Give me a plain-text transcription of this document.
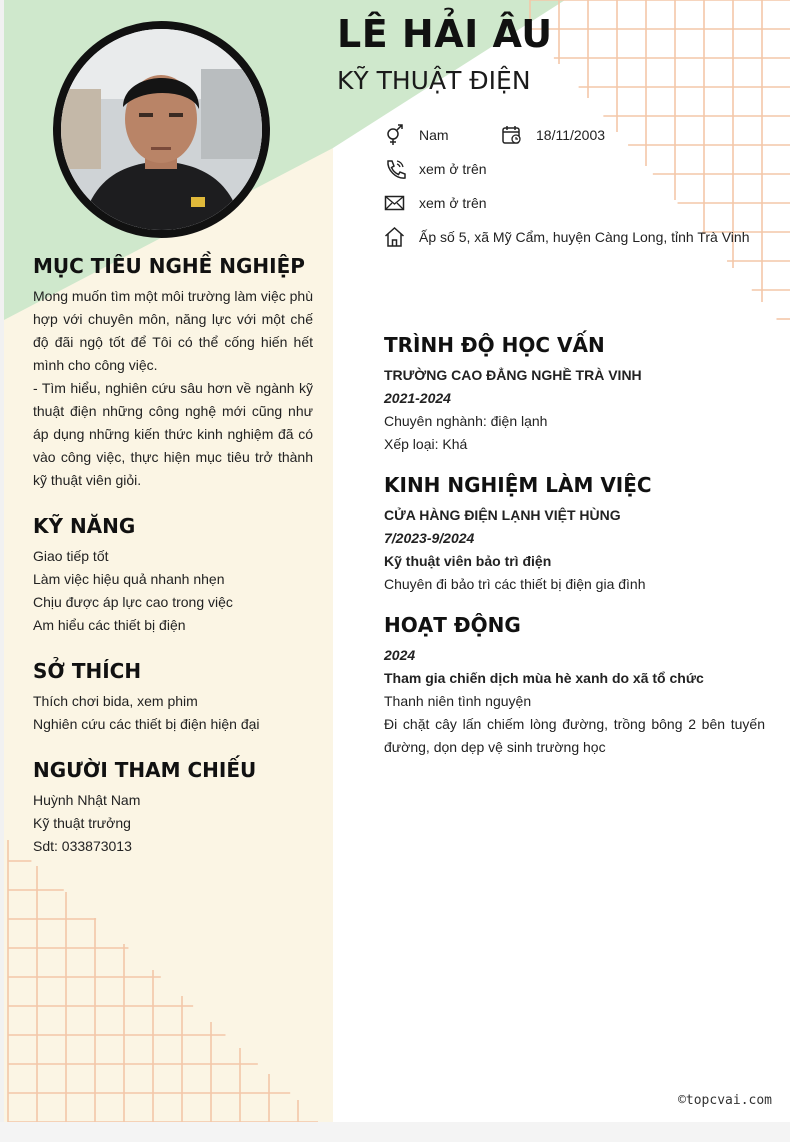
LÊ HẢI ÂU
KỸ THUẬT ĐIỆN
Nam	18/11/2003
xem ở trên
xem ở trên
Ấp số 5, xã Mỹ Cẩm, huyện Càng Long, tỉnh Trà Vinh
MỤC TIÊU NGHỀ NGHIỆP
Mong muốn tìm một môi trường làm việc phù hợp với chuyên môn, năng lực với một chế độ đãi ngộ tốt để Tôi có thể cống hiến hết mình cho công việc.
- Tìm hiểu, nghiên cứu sâu hơn về ngành kỹ thuật điện những công nghệ mới cũng như áp dụng những kiến thức kinh nghiệm đã có vào công việc, thực hiện mục tiêu trở thành kỹ thuật viên giỏi.
KỸ NĂNG
Giao tiếp tốt
Làm việc hiệu quả nhanh nhẹn
Chịu được áp lực cao trong việc
Am hiểu các thiết bị điện
SỞ THÍCH
Thích chơi bida, xem phim
Nghiên cứu các thiết bị điện hiện đại
NGƯỜI THAM CHIẾU
Huỳnh Nhật Nam
Kỹ thuật trưởng
Sdt: 033873013
TRÌNH ĐỘ HỌC VẤN
TRƯỜNG CAO ĐẲNG NGHỀ TRÀ VINH
2021-2024
Chuyên nghành: điện lạnh
Xếp loại: Khá
KINH NGHIỆM LÀM VIỆC
CỬA HÀNG ĐIỆN LẠNH VIỆT HÙNG
7/2023-9/2024
Kỹ thuật viên bảo trì điện
Chuyên đi bảo trì các thiết bị điện gia đình
HOẠT ĐỘNG
2024
Tham gia chiến dịch mùa hè xanh do xã tổ chức
Thanh niên tình nguyện
Đi chặt cây lấn chiếm lòng đường, trồng bông 2 bên tuyến đường, dọn dẹp vệ sinh trường học
©topcvai.com
